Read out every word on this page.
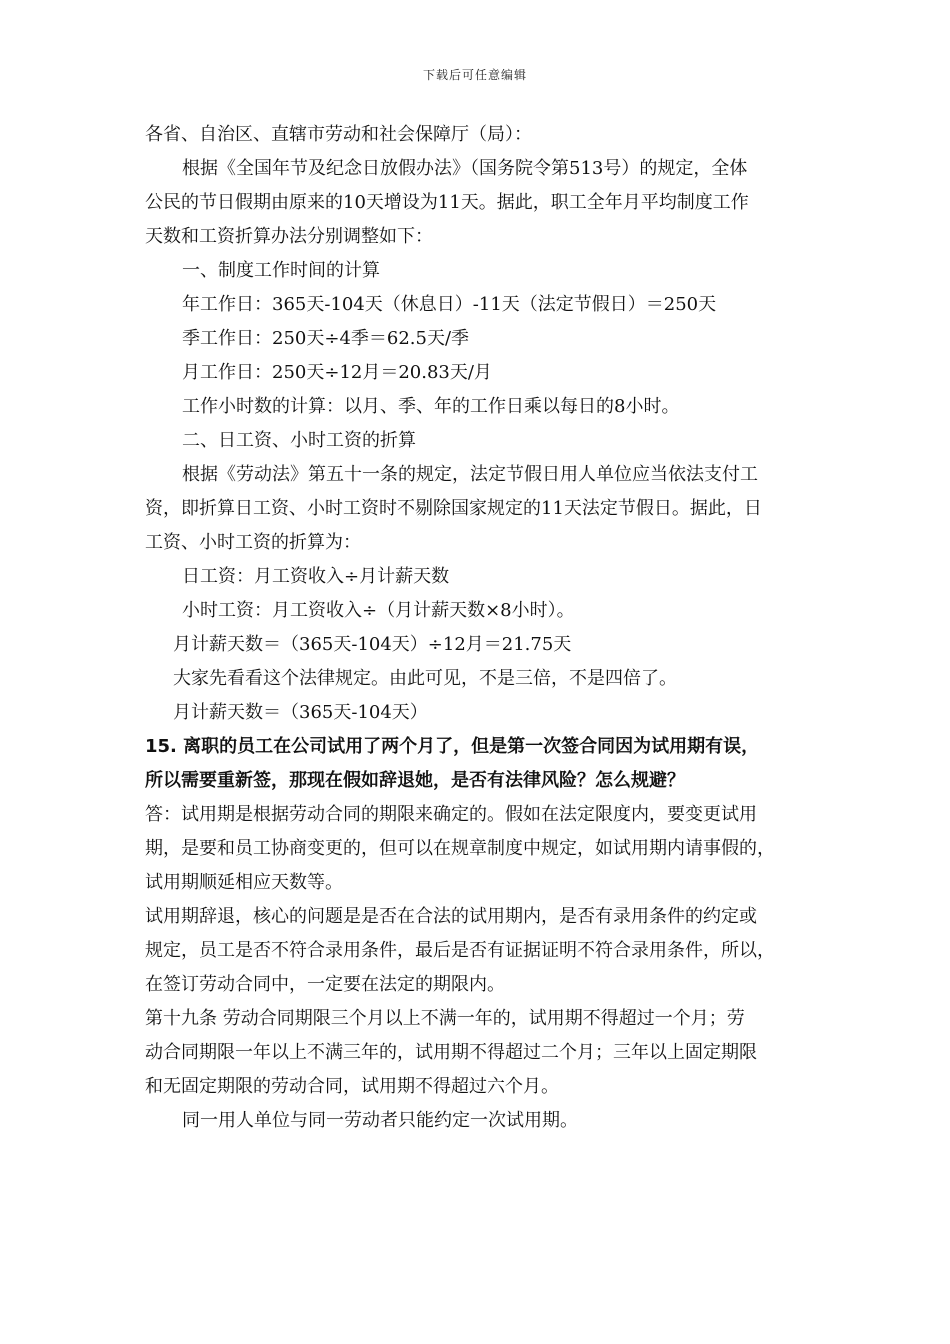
下载后可任意编辑
各省、自治区、直辖市劳动和社会保障厅（局）：
根据《全国年节及纪念日放假办法》（国务院令第513号）的规定，全体
公民的节日假期由原来的10天增设为11天。据此，职工全年月平均制度工作
天数和工资折算办法分别调整如下：
一、制度工作时间的计算
年工作日：365天-104天（休息日）-11天（法定节假日）＝250天
季工作日：250天÷4季＝62.5天/季
月工作日：250天÷12月＝20.83天/月
工作小时数的计算：以月、季、年的工作日乘以每日的8小时。
二、日工资、小时工资的折算
根据《劳动法》第五十一条的规定，法定节假日用人单位应当依法支付工
资，即折算日工资、小时工资时不剔除国家规定的11天法定节假日。据此，日
工资、小时工资的折算为：
日工资：月工资收入÷月计薪天数
小时工资：月工资收入÷（月计薪天数×8小时）。
月计薪天数＝（365天-104天）÷12月＝21.75天
大家先看看这个法律规定。由此可见，不是三倍，不是四倍了。
月计薪天数＝（365天-104天）
15. 离职的员工在公司试用了两个月了，但是第一次签合同因为试用期有误，
所以需要重新签，那现在假如辞退她，是否有法律风险？怎么规避？
答：试用期是根据劳动合同的期限来确定的。假如在法定限度内，要变更试用
期，是要和员工协商变更的，但可以在规章制度中规定，如试用期内请事假的，
试用期顺延相应天数等。
试用期辞退，核心的问题是是否在合法的试用期内，是否有录用条件的约定或
规定，员工是否不符合录用条件，最后是否有证据证明不符合录用条件，所以，
在签订劳动合同中，一定要在法定的期限内。
第十九条 劳动合同期限三个月以上不满一年的，试用期不得超过一个月；劳
动合同期限一年以上不满三年的，试用期不得超过二个月；三年以上固定期限
和无固定期限的劳动合同，试用期不得超过六个月。
同一用人单位与同一劳动者只能约定一次试用期。
